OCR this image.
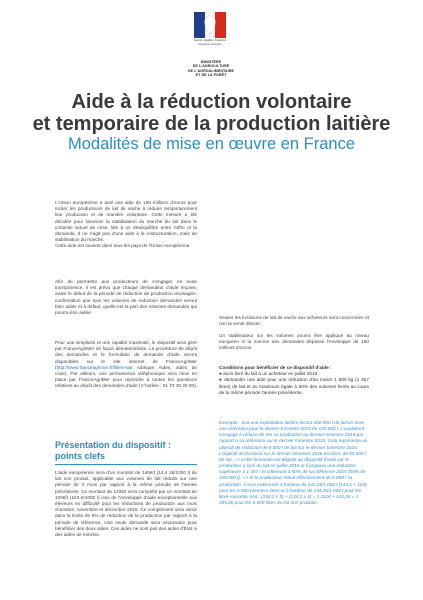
Liberté • Égalité • Fraternité
République Française
MINISTÈRE
DE L'AGRICULTURE
DE L'AGROALIMENTAIRE
ET DE LA FORÊT
Aide à la réduction volontaire
et temporaire de la production laitière
Modalités de mise en œuvre en France

L'Union européenne a acté une aide de 150 millions d'euros pour inciter les producteurs de lait de vache à réduire temporairement leur production et de manière volontaire. Cette mesure a été décidée pour favoriser la stabilisation du marché du lait dans le contexte actuel de crise, liée à un déséquilibre entre l'offre et la demande. Il ne s'agit pas d'une aide à la restructuration, mais de stabilisation du marché.

Cette aide est ouverte dans tous les pays de l'Union européenne.

Afin de permettre aux producteurs de s'engager en toute transparence, il est prévu que chaque demandeur d'aide reçoive, avant le début de la période de réduction de production envisagée, confirmation que tous les volumes de réduction demandés seront bien aidés et à défaut, quelle est la part des volumes demandés qui pourra être aidée.
Pour une simplicité et une rapidité maximale, le dispositif sera géré par FranceAgriMer de façon dématérialisée. La procédure de dépôt des demandes et le formulaire de demande d'aide seront disponibles sur le site internet de FranceAgriMer (http://www.franceagrimer.fr/filiere-lait rubrique Aides, aides de crise). Par ailleurs, une permanence téléphonique sera mise en place par FranceAgriMer pour répondre à toutes les questions relatives au dépôt des demandes d'aide (n°hotline : 01 73 30 25 00).
Présentation du dispositif : points clefs
L'aide européenne sera d'un montant de 140€/t (14,4 2€/1000 l) de lait non produit, applicable aux volumes de lait réduits sur une période de 3 mois par rapport à la même période de l'année précédente. Ce montant de 140€/t sera complété par un montant de 100€/t (103 €/1000 l) issu de l'enveloppe d'aide exceptionnelle aux éleveurs en difficulté pour les réductions de production aux mois d'octobre, novembre et décembre 2016. Ce complément sera versé dans la limite de 5% de réduction de la production par rapport à la période de référence. Une seule demande sera nécessaire pour bénéficier des deux aides. Ces aides ne sont pas des aides d'État ni des aides de minimis.
Seules les livraisons de lait de vache aux acheteurs sont concernées et non la vente directe.
Un stabilisateur sur les volumes pourra être appliqué au niveau européen si la somme des demandes dépasse l'enveloppe de 150 millions d'euros.
Conditions pour bénéficier de ce dispositif d'aide :
● avoir livré du lait à un acheteur en juillet 2016
● demander une aide pour une réduction d'au moins 1 500 kg (1 457 litres) de lait et au maximum égale à 50% des volumes livrés au cours de la même période l'année précédente.
Exemple : Soit une exploitation laitière livrant 400 000 l de lait/an avec une référence pour le dernier trimestre 2015 de 100 000 l. L'exploitant s'engage à réduire de 6% sa production au dernier trimestre 2016 par rapport à sa référence sur le dernier trimestre 2015. Cela représente un objectif de réduction de 6 000 l de lait sur le dernier trimestre 2016. L'objectif de livraison sur le dernier trimestre 2016 est donc de 94 000 l de lait. => Cette demande est éligible au dispositif d'aide car le producteur a livré du lait en juillet 2016 et il propose une réduction supérieure à 1 457 l et inférieure à 50% de sa référence 2015 (50% de 100 000 l). => Si le producteur réduit effectivement de 6 000 l sa production, il sera indemnisé à hauteur de 242,2€/1 000 l (144,2 + 103) pour les 5 000 premiers litres et à hauteur de 144,2€/1 000 l pour les litres suivants, soit : (242,2 x 5) + (144,2 x 1) = 1 211€ + 144,2€ = 1 355,2€ pour les 6 000 litres de lait non produits.
